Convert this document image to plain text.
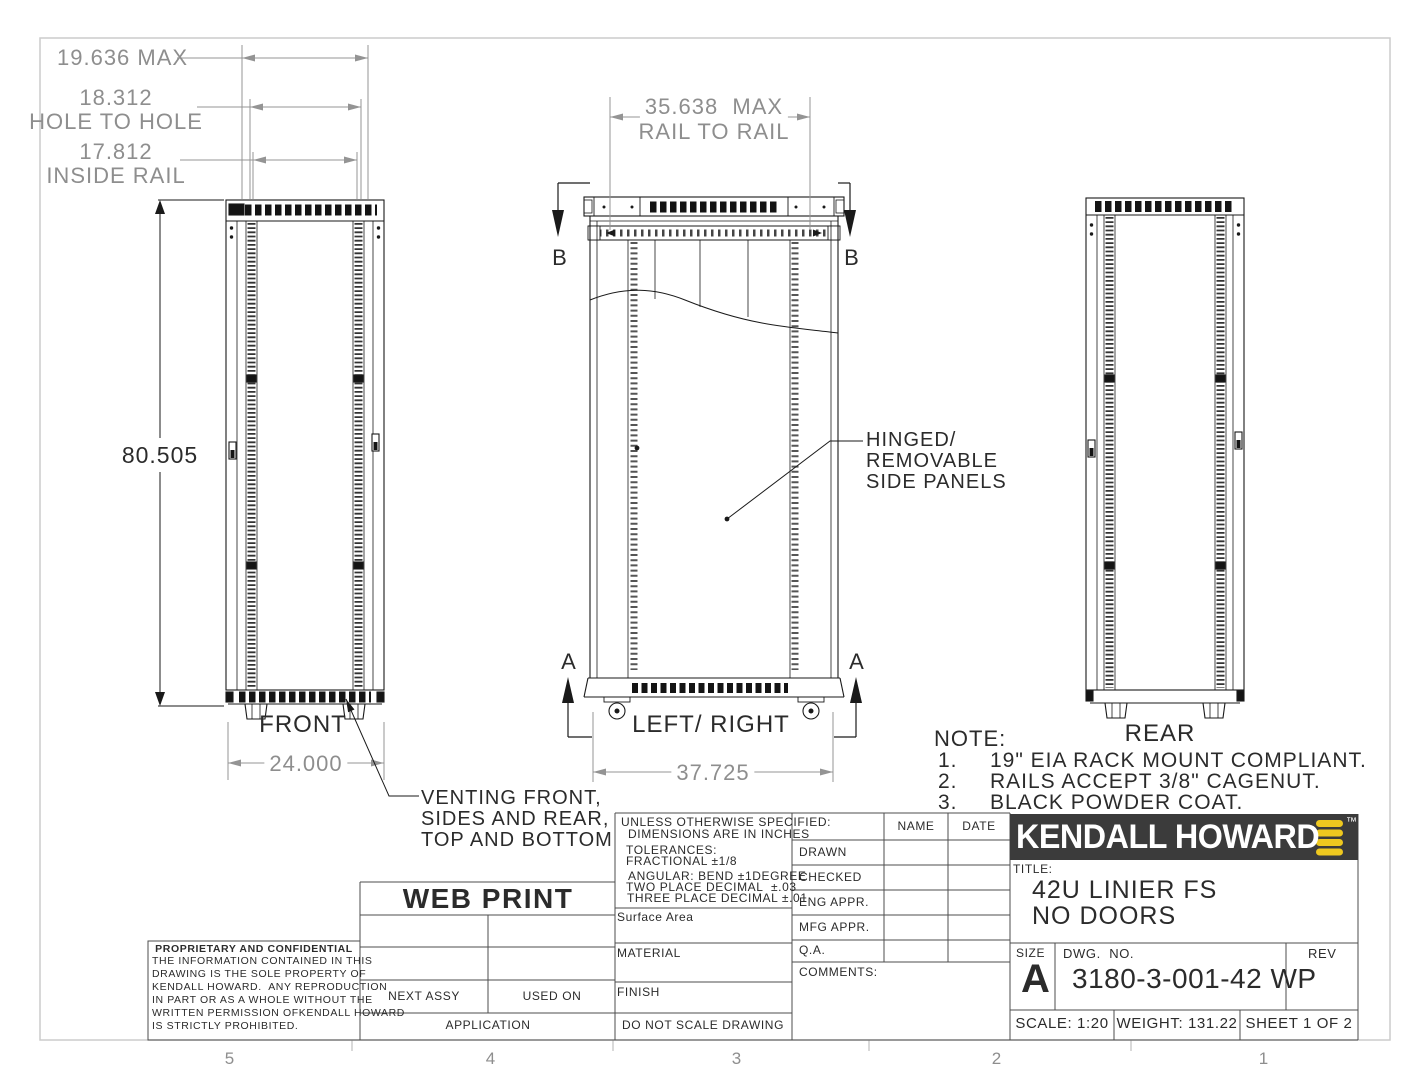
19.636 MAX
18.312
HOLE TO HOLE
17.812
INSIDE RAIL
80.505
24.000
35.638  MAX
RAIL TO RAIL
37.725
FRONT	LEFT/ RIGHT	REAR
B	B
A	A
HINGED/
REMOVABLE
SIDE PANELS
VENTING FRONT,
SIDES AND REAR,
TOP AND BOTTOM
NOTE:
1. 19" EIA RACK MOUNT COMPLIANT.
2. RAILS ACCEPT 3/8" CAGENUT.
3. BLACK POWDER COAT.
UNLESS OTHERWISE SPECIFIED:
DIMENSIONS ARE IN INCHES
TOLERANCES:
FRACTIONAL ±1/8
ANGULAR: BEND ±1DEGREE
TWO PLACE DECIMAL  ±.03
THREE PLACE DECIMAL ±.01
Surface Area
MATERIAL
FINISH
DO NOT SCALE DRAWING
NAME DATE
DRAWN
CHECKED
ENG APPR.
MFG APPR.
Q.A.
COMMENTS:
KENDALL HOWARD ™
TITLE:
42U LINIER FS
NO DOORS
SIZE
A
DWG.  NO.
3180-3-001-42 WP
REV
SCALE: 1:20 WEIGHT: 131.22 SHEET 1 OF 2
WEB PRINT
NEXT ASSY	USED ON
APPLICATION
PROPRIETARY AND CONFIDENTIAL
THE INFORMATION CONTAINED IN THIS
DRAWING IS THE SOLE PROPERTY OF
KENDALL HOWARD.  ANY REPRODUCTION
IN PART OR AS A WHOLE WITHOUT THE
WRITTEN PERMISSION OFKENDALL HOWARD
IS STRICTLY PROHIBITED.
5	4	3	2	1
